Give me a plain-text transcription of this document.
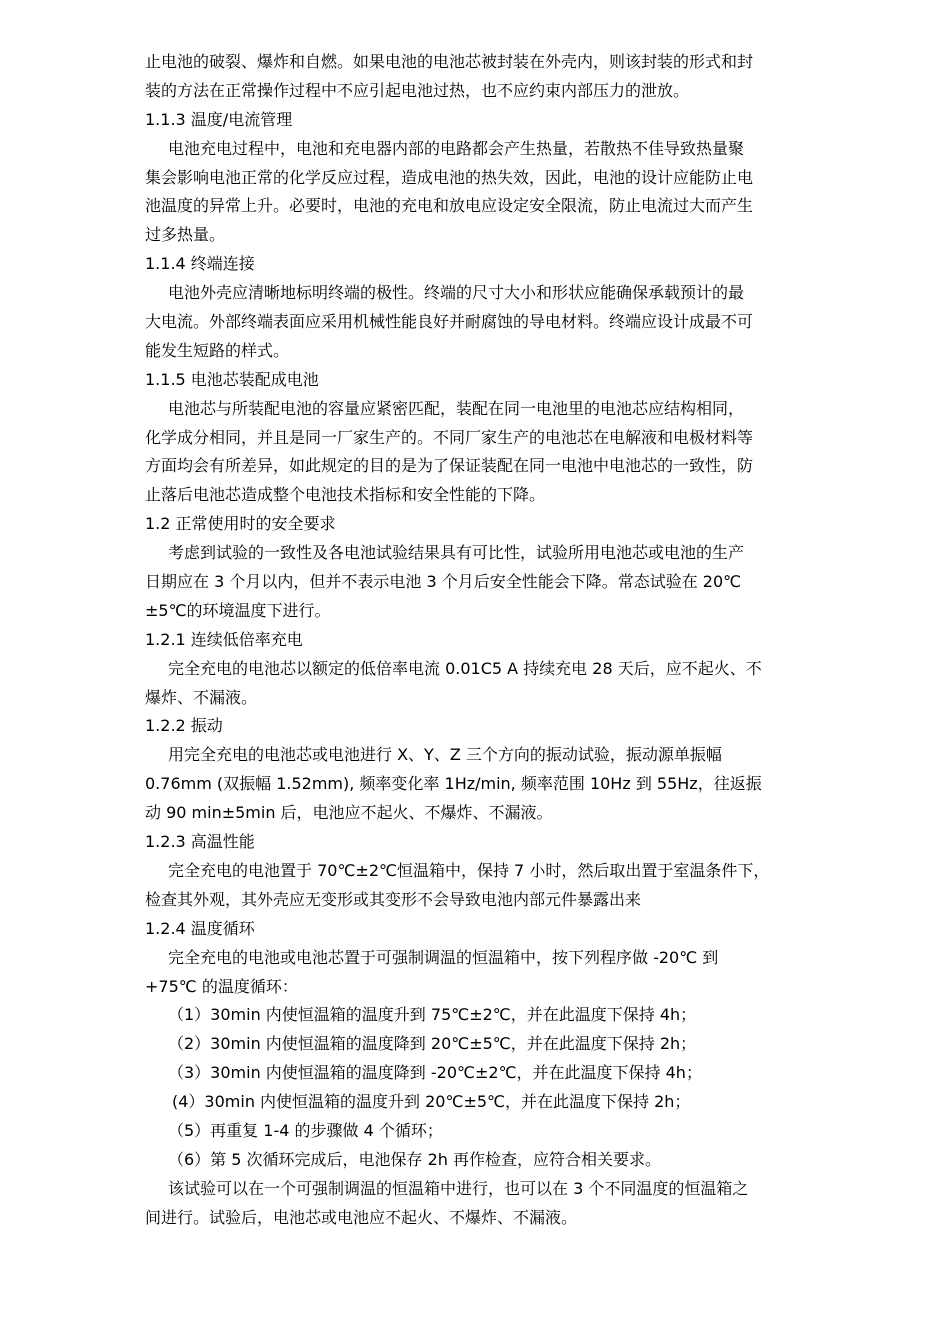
止电池的破裂、爆炸和自燃。如果电池的电池芯被封装在外壳内，则该封装的形式和封
装的方法在正常操作过程中不应引起电池过热，也不应约束内部压力的泄放。
1.1.3 温度/电流管理
电池充电过程中，电池和充电器内部的电路都会产生热量，若散热不佳导致热量聚
集会影响电池正常的化学反应过程，造成电池的热失效，因此，电池的设计应能防止电
池温度的异常上升。必要时，电池的充电和放电应设定安全限流，防止电流过大而产生
过多热量。
1.1.4 终端连接
电池外壳应清晰地标明终端的极性。终端的尺寸大小和形状应能确保承载预计的最
大电流。外部终端表面应采用机械性能良好并耐腐蚀的导电材料。终端应设计成最不可
能发生短路的样式。
1.1.5 电池芯装配成电池
电池芯与所装配电池的容量应紧密匹配，装配在同一电池里的电池芯应结构相同，
化学成分相同，并且是同一厂家生产的。不同厂家生产的电池芯在电解液和电极材料等
方面均会有所差异，如此规定的目的是为了保证装配在同一电池中电池芯的一致性，防
止落后电池芯造成整个电池技术指标和安全性能的下降。
1.2 正常使用时的安全要求
考虑到试验的一致性及各电池试验结果具有可比性，试验所用电池芯或电池的生产
日期应在 3 个月以内，但并不表示电池 3 个月后安全性能会下降。常态试验在 20℃
±5℃的环境温度下进行。
1.2.1 连续低倍率充电
完全充电的电池芯以额定的低倍率电流 0.01C5 A 持续充电 28 天后，应不起火、不
爆炸、不漏液。
1.2.2 振动
用完全充电的电池芯或电池进行 X、Y、Z 三个方向的振动试验，振动源单振幅
0.76mm (双振幅 1.52mm), 频率变化率 1Hz/min, 频率范围 10Hz 到 55Hz，往返振
动 90 min±5min 后，电池应不起火、不爆炸、不漏液。
1.2.3 高温性能
完全充电的电池置于 70℃±2℃恒温箱中，保持 7 小时，然后取出置于室温条件下，
检查其外观，其外壳应无变形或其变形不会导致电池内部元件暴露出来
1.2.4 温度循环
完全充电的电池或电池芯置于可强制调温的恒温箱中，按下列程序做 -20℃ 到
+75℃ 的温度循环：
（1）30min 内使恒温箱的温度升到 75℃±2℃，并在此温度下保持 4h；
（2）30min 内使恒温箱的温度降到 20℃±5℃，并在此温度下保持 2h；
（3）30min 内使恒温箱的温度降到 -20℃±2℃，并在此温度下保持 4h；
(4）30min 内使恒温箱的温度升到 20℃±5℃，并在此温度下保持 2h；
（5）再重复 1-4 的步骤做 4 个循环；
（6）第 5 次循环完成后，电池保存 2h 再作检查，应符合相关要求。
该试验可以在一个可强制调温的恒温箱中进行，也可以在 3 个不同温度的恒温箱之
间进行。试验后，电池芯或电池应不起火、不爆炸、不漏液。
